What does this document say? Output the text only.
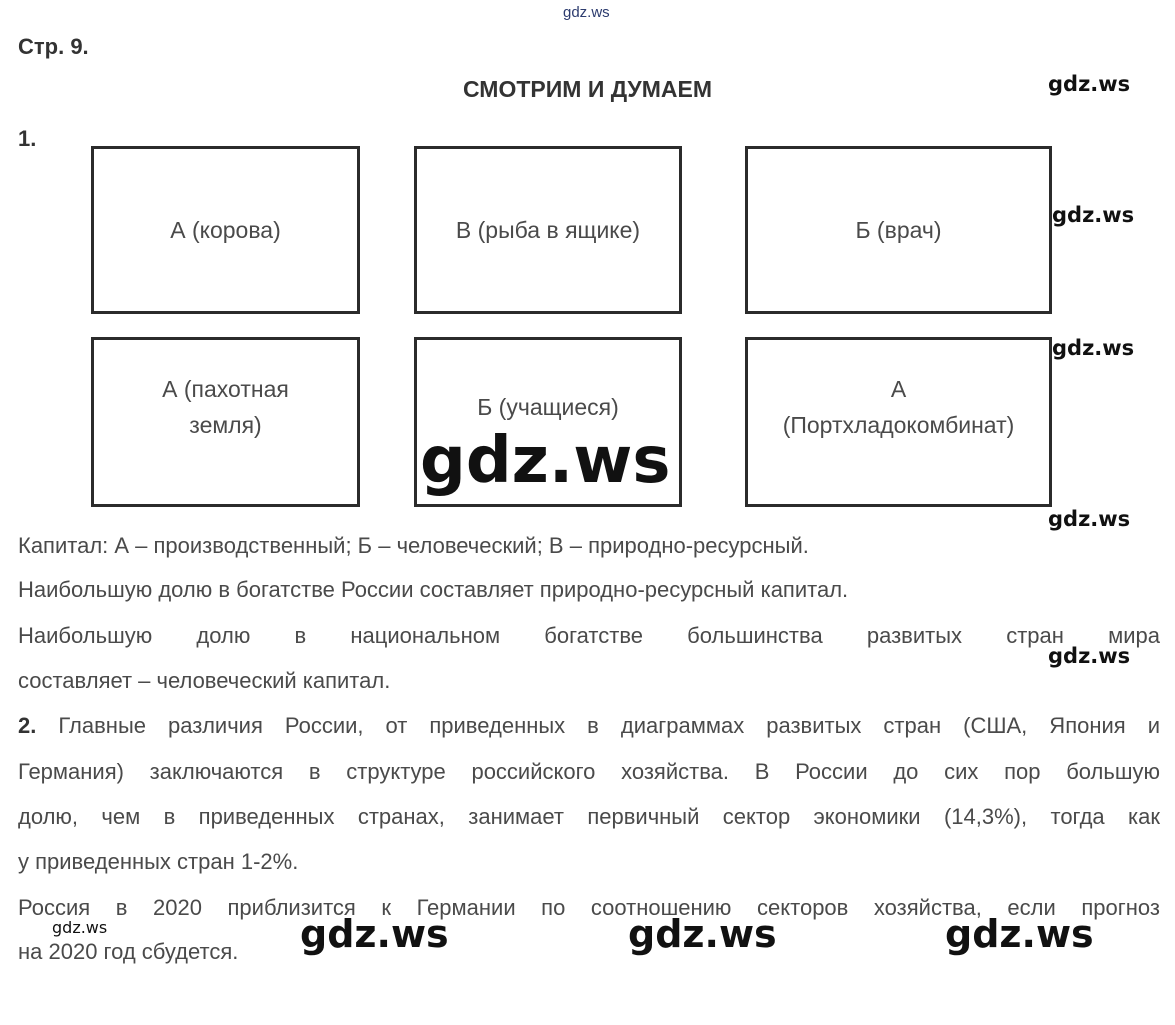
gdz.ws
Стр. 9.
СМОТРИМ И ДУМАЕМ	gdz.ws
1.
А (корова)	В (рыба в ящике)	Б (врач)
gdz.ws
А (пахотная
земля)
Б (учащиеся)
А
(Портхладокомбинат)
gdz.ws
gdz.ws
gdz.ws
Капитал: А – производственный; Б – человеческий; В – природно-ресурсный.
Наибольшую долю в богатстве России составляет природно-ресурсный капитал.
Наибольшую долю в национальном богатстве большинства развитых стран мира
gdz.ws
составляет – человеческий капитал.
2. Главные различия России, от приведенных в диаграммах развитых стран (США, Япония и
Германия) заключаются в структуре российского хозяйства. В России до сих пор большую
долю, чем в приведенных странах, занимает первичный сектор экономики (14,3%), тогда как
у приведенных стран 1-2%.
Россия в 2020 приблизится к Германии по соотношению секторов хозяйства, если прогноз
на 2020 год сбудется.
gdz.ws	gdz.ws	gdz.ws	gdz.ws
